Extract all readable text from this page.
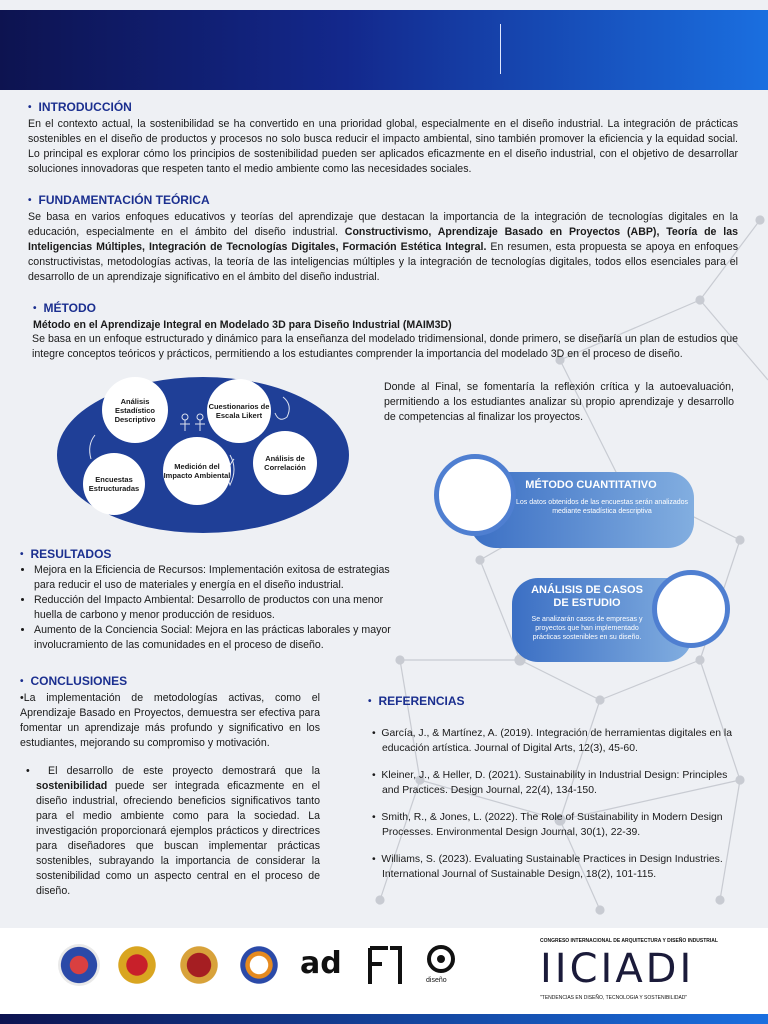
• INTRODUCCIÓN

En el contexto actual, la sostenibilidad se ha convertido en una prioridad global, especialmente en el diseño industrial. La integración de prácticas sostenibles en el diseño de productos y procesos no solo busca reducir el impacto ambiental, sino también promover la eficiencia y la equidad social. Lo principal es explorar cómo los principios de sostenibilidad pueden ser aplicados eficazmente en el diseño industrial, con el objetivo de desarrollar soluciones innovadoras que respeten tanto el medio ambiente como las necesidades sociales.

• FUNDAMENTACIÓN TEÓRICA

Se basa en varios enfoques educativos y teorías del aprendizaje que destacan la importancia de la integración de tecnologías digitales en la educación, especialmente en el ámbito del diseño industrial. Constructivismo, Aprendizaje Basado en Proyectos (ABP), Teoría de las Inteligencias Múltiples, Integración de Tecnologías Digitales, Formación Estética Integral. En resumen, esta propuesta se apoya en enfoques constructivistas, metodologías activas, la teoría de las inteligencias múltiples y la integración de tecnologías digitales, todos ellos esenciales para el desarrollo de un aprendizaje significativo en el ámbito del diseño industrial.

• MÉTODO
Método en el Aprendizaje Integral en Modelado 3D para Diseño Industrial (MAIM3D)

Se basa en un enfoque estructurado y dinámico para la enseñanza del modelado tridimensional, donde primero, se diseñaría un plan de estudios que integre conceptos teóricos y prácticos, permitiendo a los estudiantes comprender la importancia del modelado 3D en el proceso de diseño.

Donde al Final, se fomentaría la reflexión crítica y la autoevaluación, permitiendo a los estudiantes analizar su propio aprendizaje y desarrollo de competencias al finalizar los proyectos.

Análisis Estadístico Descriptivo
Cuestionarios de Escala Likert
Medición del Impacto Ambiental
Análisis de Correlación
Encuestas Estructuradas	MÉTODO CUANTITATIVO
Los datos obtenidos de las encuestas serán analizados mediante estadística descriptiva
ANÁLISIS DE CASOS DE ESTUDIO
Se analizarán casos de empresas y proyectos que han implementado prácticas sostenibles en su diseño.
• RESULTADOS
• Mejora en la Eficiencia de Recursos: Implementación exitosa de estrategias para reducir el uso de materiales y energía en el diseño industrial.
• Reducción del Impacto Ambiental: Desarrollo de productos con una menor huella de carbono y menor producción de residuos.
• Aumento de la Conciencia Social: Mejora en las prácticas laborales y mayor involucramiento de las comunidades en el proceso de diseño.
• CONCLUSIONES

•La implementación de metodologías activas, como el Aprendizaje Basado en Proyectos, demuestra ser efectiva para fomentar un aprendizaje más profundo y significativo en los estudiantes, mejorando su compromiso y motivación.

•  El desarrollo de este proyecto demostrará que la sostenibilidad puede ser integrada eficazmente en el diseño industrial, ofreciendo beneficios significativos tanto para el medio ambiente como para la sociedad. La investigación proporcionará ejemplos prácticos y directrices para diseñadores que buscan implementar prácticas sostenibles, subrayando la importancia de considerar la sostenibilidad como un aspecto central en el proceso de diseño.

• REFERENCIAS
•  García, J., & Martínez, A. (2019). Integración de herramientas digitales en la educación artística. Journal of Digital Arts, 12(3), 45-60.
•  Kleiner, J., & Heller, D. (2021). Sustainability in Industrial Design: Principles and Practices. Design Journal, 22(4), 134-150.
•  Smith, R., & Jones, L. (2022). The Role of Sustainability in Modern Design Processes. Environmental Design Journal, 30(1), 22-39.
•  Williams, S. (2023). Evaluating Sustainable Practices in Design Industries. International Journal of Sustainable Design, 18(2), 101-115.
ad	diseño
CONGRESO INTERNACIONAL DE ARQUITECTURA Y DISEÑO INDUSTRIAL
IICIADI
"TENDENCIAS EN DISEÑO, TECNOLOGIA Y SOSTENIBILIDAD"
